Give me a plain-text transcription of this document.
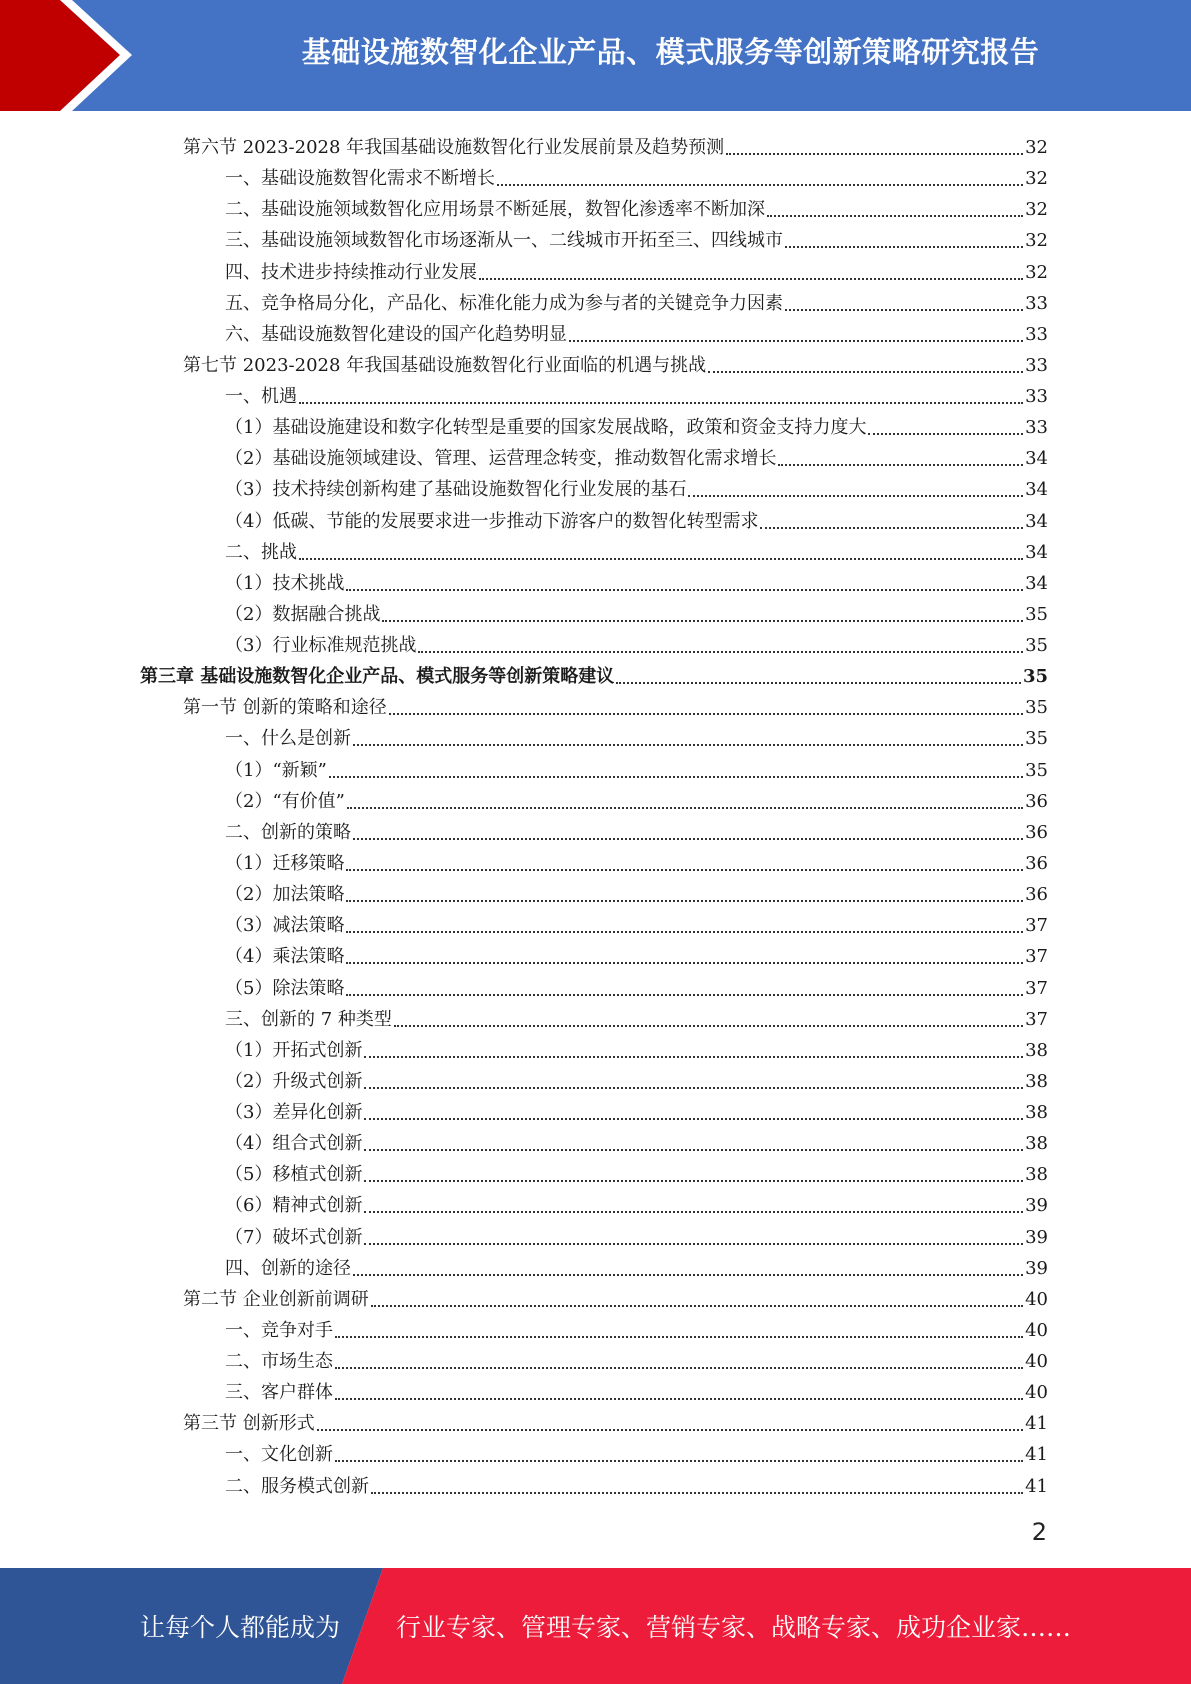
基础设施数智化企业产品、模式服务等创新策略研究报告
第六节 2023-2028 年我国基础设施数智化行业发展前景及趋势预测	32
一、基础设施数智化需求不断增长	32
二、基础设施领域数智化应用场景不断延展，数智化渗透率不断加深	32
三、基础设施领域数智化市场逐渐从一、二线城市开拓至三、四线城市	32
四、技术进步持续推动行业发展	32
五、竞争格局分化，产品化、标准化能力成为参与者的关键竞争力因素	33
六、基础设施数智化建设的国产化趋势明显	33
第七节 2023-2028 年我国基础设施数智化行业面临的机遇与挑战	33
一、机遇	33
（1）基础设施建设和数字化转型是重要的国家发展战略，政策和资金支持力度大	33
（2）基础设施领域建设、管理、运营理念转变，推动数智化需求增长	34
（3）技术持续创新构建了基础设施数智化行业发展的基石	34
（4）低碳、节能的发展要求进一步推动下游客户的数智化转型需求	34
二、挑战	34
（1）技术挑战	34
（2）数据融合挑战	35
（3）行业标准规范挑战	35
第三章 基础设施数智化企业产品、模式服务等创新策略建议	35
第一节 创新的策略和途径	35
一、什么是创新	35
（1）“新颖”	35
（2）“有价值”	36
二、创新的策略	36
（1）迁移策略	36
（2）加法策略	36
（3）减法策略	37
（4）乘法策略	37
（5）除法策略	37
三、创新的 7 种类型	37
（1）开拓式创新	38
（2）升级式创新	38
（3）差异化创新	38
（4）组合式创新	38
（5）移植式创新	38
（6）精神式创新	39
（7）破坏式创新	39
四、创新的途径	39
第二节 企业创新前调研	40
一、竞争对手	40
二、市场生态	40
三、客户群体	40
第三节 创新形式	41
一、文化创新	41
二、服务模式创新	41
2
让每个人都能成为 行业专家、管理专家、营销专家、战略专家、成功企业家……
